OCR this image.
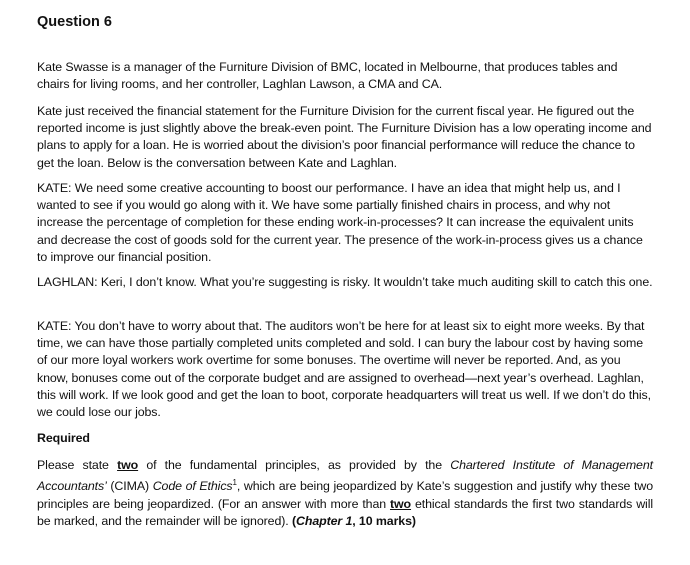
Question 6
Kate Swasse is a manager of the Furniture Division of BMC, located in Melbourne, that produces tables and chairs for living rooms, and her controller, Laghlan Lawson, a CMA and CA.
Kate just received the financial statement for the Furniture Division for the current fiscal year. He figured out the reported income is just slightly above the break-even point. The Furniture Division has a low operating income and plans to apply for a loan. He is worried about the division’s poor financial performance will reduce the chance to get the loan. Below is the conversation between Kate and Laghlan.
KATE: We need some creative accounting to boost our performance. I have an idea that might help us, and I wanted to see if you would go along with it. We have some partially finished chairs in process, and why not increase the percentage of completion for these ending work-in-processes? It can increase the equivalent units and decrease the cost of goods sold for the current year. The presence of the work-in-process gives us a chance to improve our financial position.
LAGHLAN: Keri, I don’t know. What you’re suggesting is risky. It wouldn’t take much auditing skill to catch this one.
KATE: You don’t have to worry about that. The auditors won’t be here for at least six to eight more weeks. By that time, we can have those partially completed units completed and sold. I can bury the labour cost by having some of our more loyal workers work overtime for some bonuses. The overtime will never be reported. And, as you know, bonuses come out of the corporate budget and are assigned to overhead—next year’s overhead. Laghlan, this will work. If we look good and get the loan to boot, corporate headquarters will treat us well. If we don’t do this, we could lose our jobs.
Required
Please state two of the fundamental principles, as provided by the Chartered Institute of Management Accountants’ (CIMA) Code of Ethics$^1$, which are being jeopardized by Kate’s suggestion and justify why these two principles are being jeopardized. (For an answer with more than two ethical standards the first two standards will be marked, and the remainder will be ignored). (Chapter 1, 10 marks)
